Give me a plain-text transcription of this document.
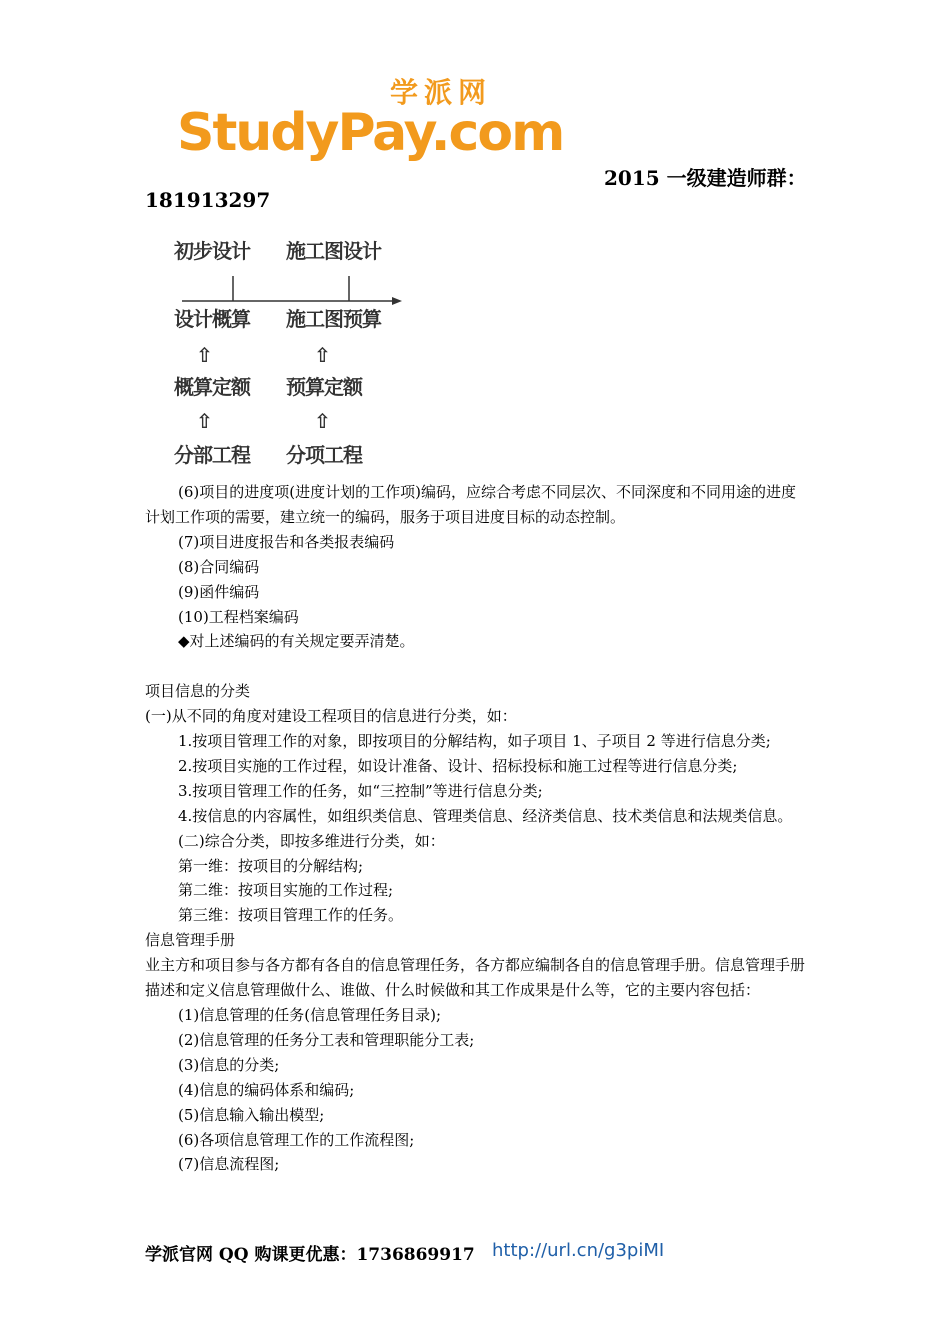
学派网
StudyPay.com
2015 一级建造师群：
181913297
初步设计 施工图设计
设计概算 施工图预算
⇧	⇧
概算定额 预算定额
⇧	⇧
分部工程 分项工程

(6)项目的进度项(进度计划的工作项)编码，应综合考虑不同层次、不同深度和不同用途的进度计划工作项的需要，建立统一的编码，服务于项目进度目标的动态控制。

(7)项目进度报告和各类报表编码

(8)合同编码

(9)函件编码

(10)工程档案编码

◆对上述编码的有关规定要弄清楚。

项目信息的分类

(一)从不同的角度对建设工程项目的信息进行分类，如：

1.按项目管理工作的对象，即按项目的分解结构，如子项目 1、子项目 2 等进行信息分类;

2.按项目实施的工作过程，如设计准备、设计、招标投标和施工过程等进行信息分类;

3.按项目管理工作的任务，如“三控制”等进行信息分类;

4.按信息的内容属性，如组织类信息、管理类信息、经济类信息、技术类信息和法规类信息。

(二)综合分类，即按多维进行分类，如：

第一维：按项目的分解结构;

第二维：按项目实施的工作过程;

第三维：按项目管理工作的任务。

信息管理手册

业主方和项目参与各方都有各自的信息管理任务，各方都应编制各自的信息管理手册。信息管理手册描述和定义信息管理做什么、谁做、什么时候做和其工作成果是什么等，它的主要内容包括：

(1)信息管理的任务(信息管理任务目录);

(2)信息管理的任务分工表和管理职能分工表;

(3)信息的分类;

(4)信息的编码体系和编码;

(5)信息输入输出模型;

(6)各项信息管理工作的工作流程图;

(7)信息流程图;

学派官网 QQ 购课更优惠：1736869917 http://url.cn/g3piMI
